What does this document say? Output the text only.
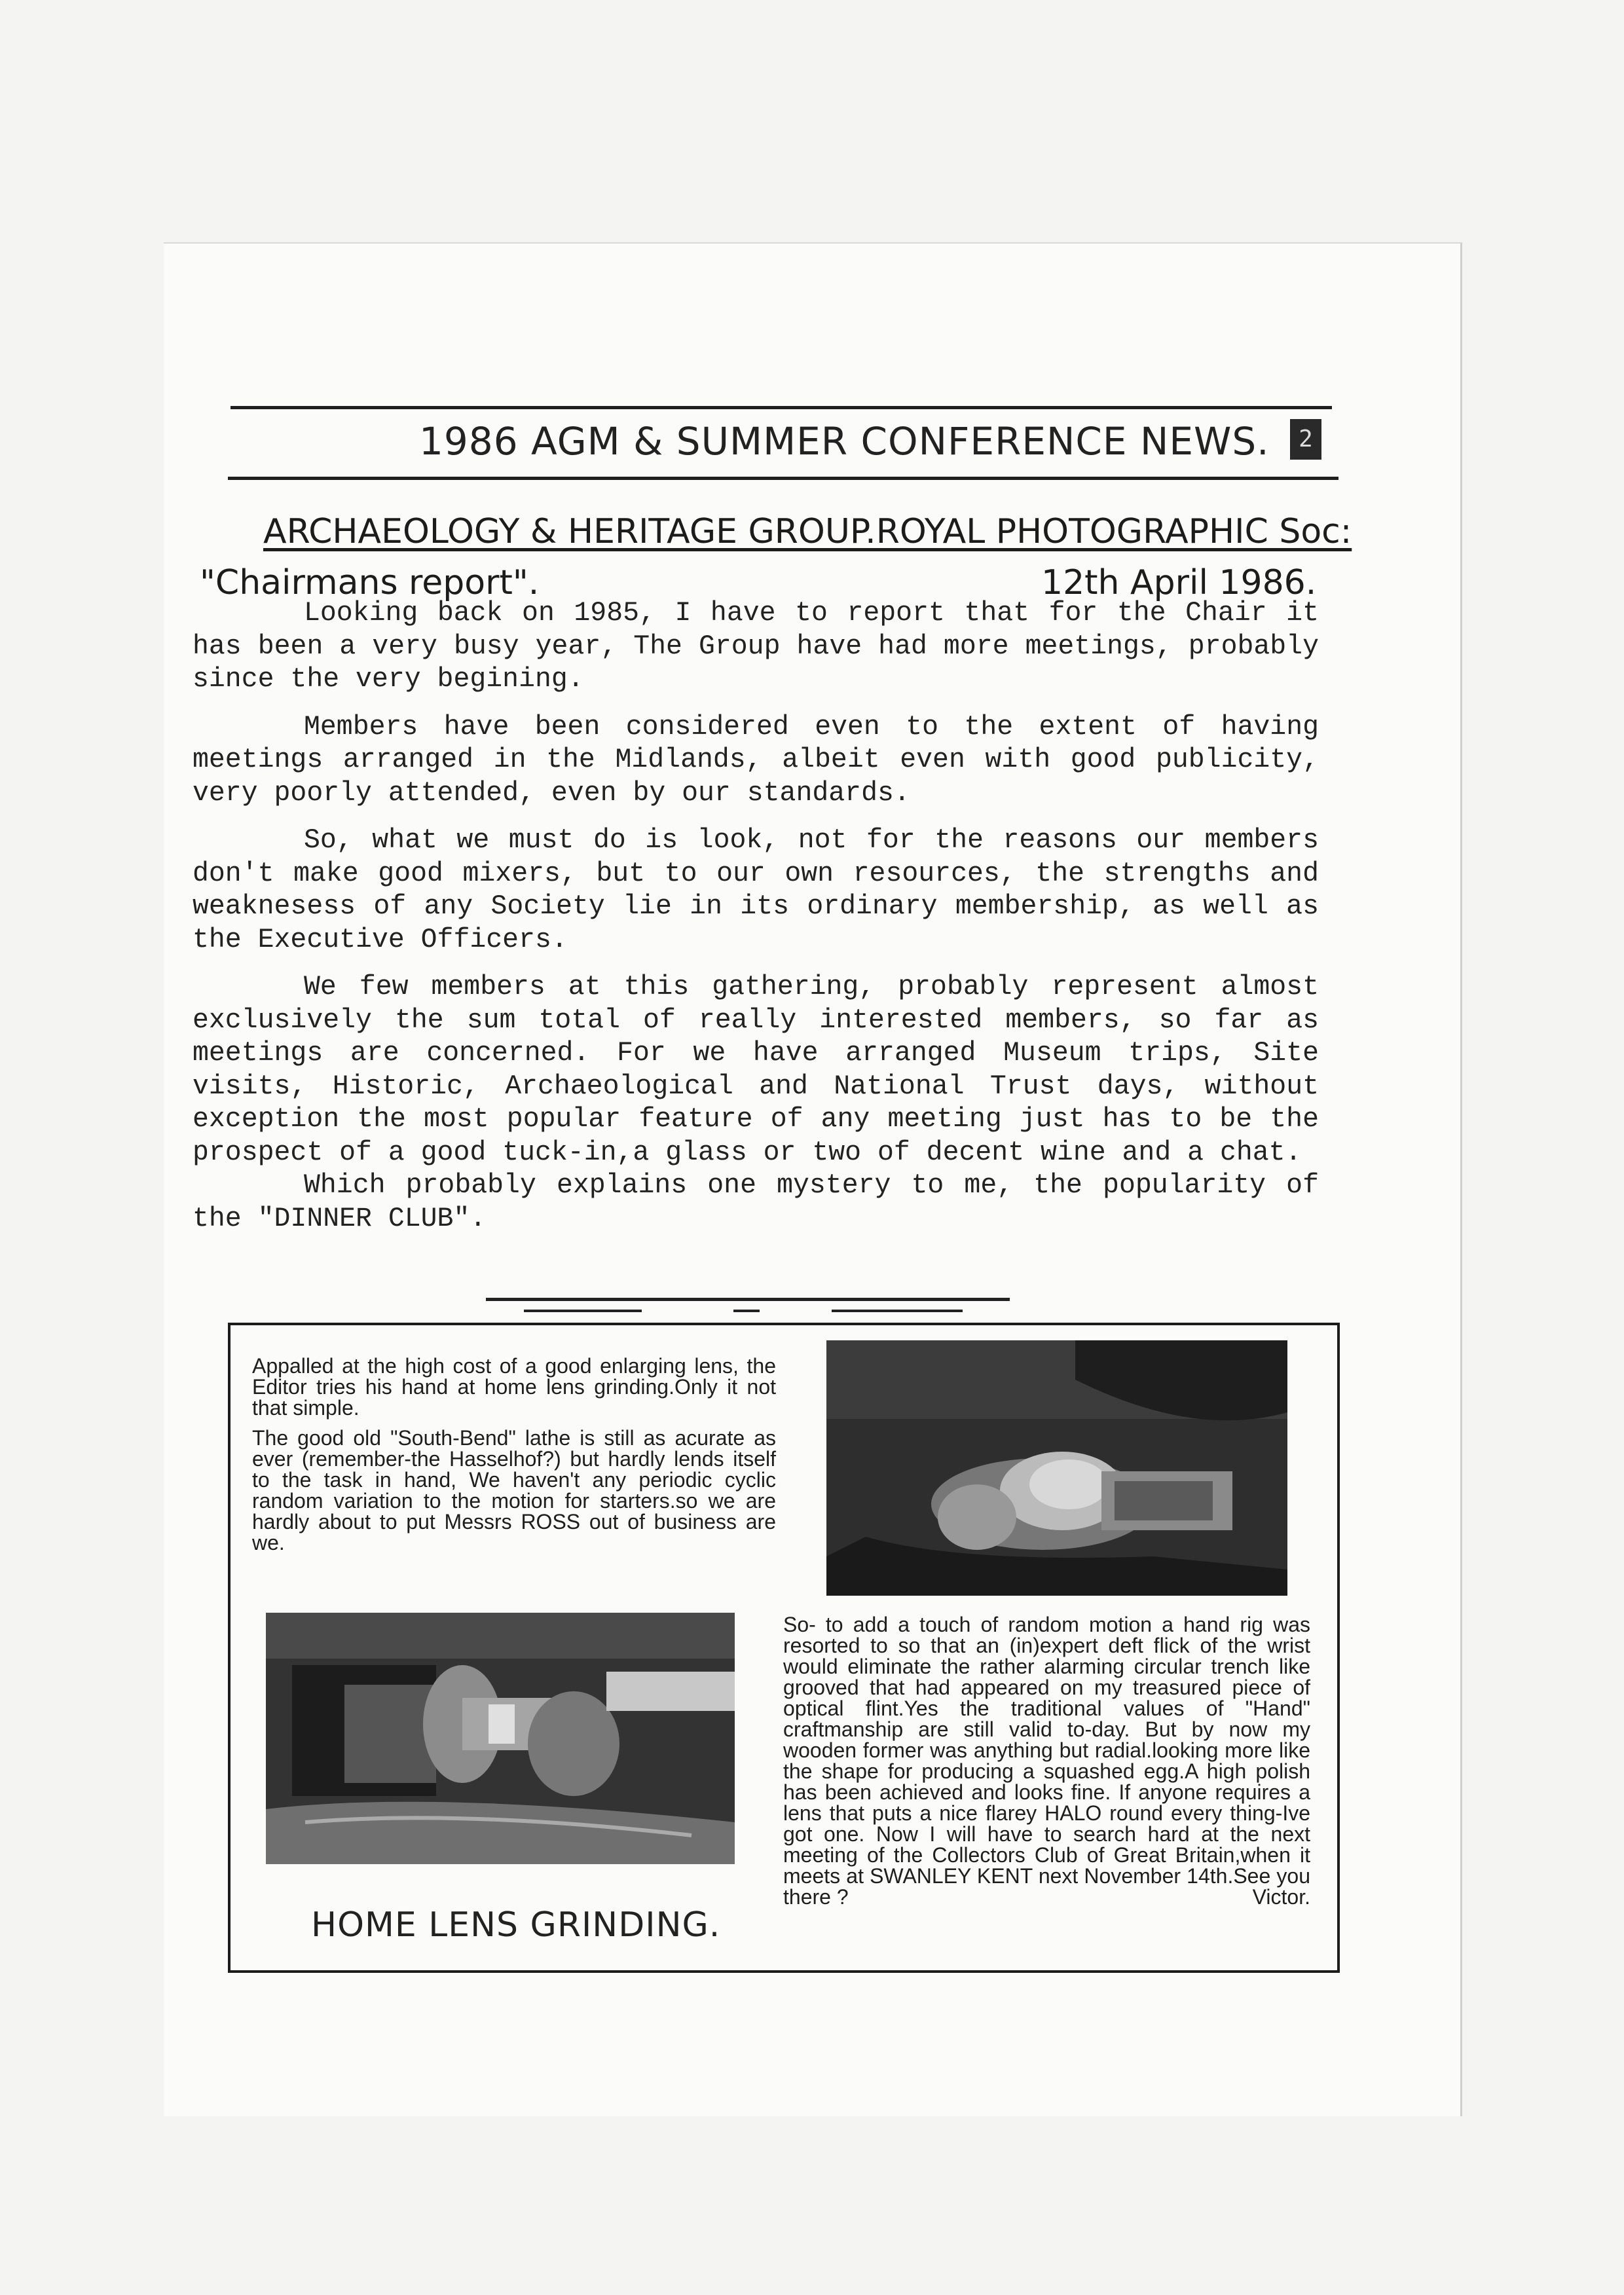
1986 AGM & SUMMER CONFERENCE NEWS.	2
ARCHAEOLOGY & HERITAGE GROUP.ROYAL PHOTOGRAPHIC Soc:
"Chairmans report".	12th April 1986.

Looking back on 1985, I have to report that for the Chair it has been a very busy year, The Group have had more meetings, probably since the very begining.

Members have been considered even to the extent of having meetings arranged in the Midlands, albeit even with good publicity, very poorly attended, even by our standards.

So, what we must do is look, not for the reasons our members don't make good mixers, but to our own resources, the strengths and weaknesess of any Society lie in its ordinary membership, as well as the Executive Officers.

We few members at this gathering, probably represent almost exclusively the sum total of really interested members, so far as meetings are concerned. For we have arranged Museum trips, Site visits, Historic, Archaeological and National Trust days, without exception the most popular feature of any meeting just has to be the prospect of a good tuck-in,a glass or two of decent wine and a chat.

Which probably explains one mystery to me, the popularity of the "DINNER CLUB".

Appalled at the high cost of a good enlarging lens, the Editor tries his hand at home lens grinding.Only it not that simple.

The good old "South-Bend" lathe is still as acurate as ever (remember-the Hasselhof?) but hardly lends itself to the task in hand, We haven't any periodic cyclic random variation to the motion for starters.so we are hardly about to put Messrs ROSS out of business are we.

So- to add a touch of random motion a hand rig was resorted to so that an (in)expert deft flick of the wrist would eliminate the rather alarming circular trench like grooved that had appeared on my treasured piece of optical flint.Yes the traditional values of "Hand" craftmanship are still valid to-day. But by now my wooden former was anything but radial.looking more like the shape for producing a squashed egg.A high polish has been achieved and looks fine. If anyone requires a lens that puts a nice flarey HALO round every thing-Ive got one. Now I will have to search hard at the next meeting of the Collectors Club of Great Britain,when it meets at SWANLEY KENT next November 14th.See you there ?	Victor.

HOME LENS GRINDING.
